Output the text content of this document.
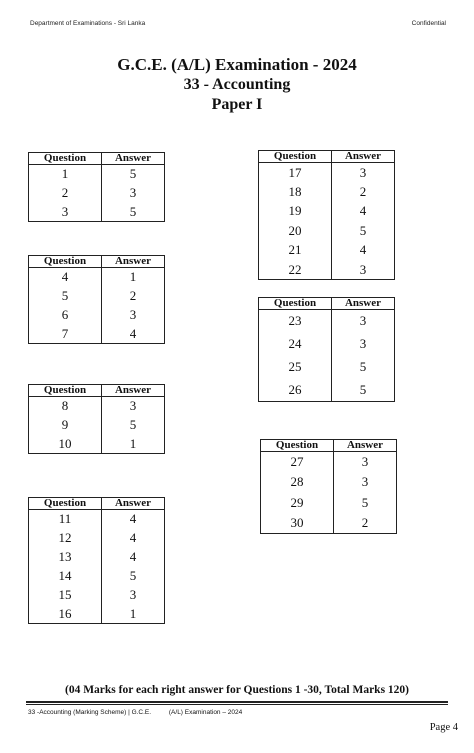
Department of Examinations - Sri Lanka	Confidential
G.C.E. (A/L) Examination - 2024
33 - Accounting
Paper I
Question	Answer
1	5
2	3
3	5
Question	Answer
4	1
5	2
6	3
7	4
Question	Answer
8	3
9	5
10	1
Question	Answer
11	4
12	4
13	4
14	5
15	3
16	1
Question	Answer
17	3
18	2
19	4
20	5
21	4
22	3
Question	Answer
23	3
24	3
25	5
26	5
Question	Answer
27	3
28	3
29	5
30	2
(04 Marks for each right answer for Questions 1 -30, Total Marks 120)
33 -Accounting (Marking Scheme) | G.C.E.	(A/L) Examination – 2024
Page 4
